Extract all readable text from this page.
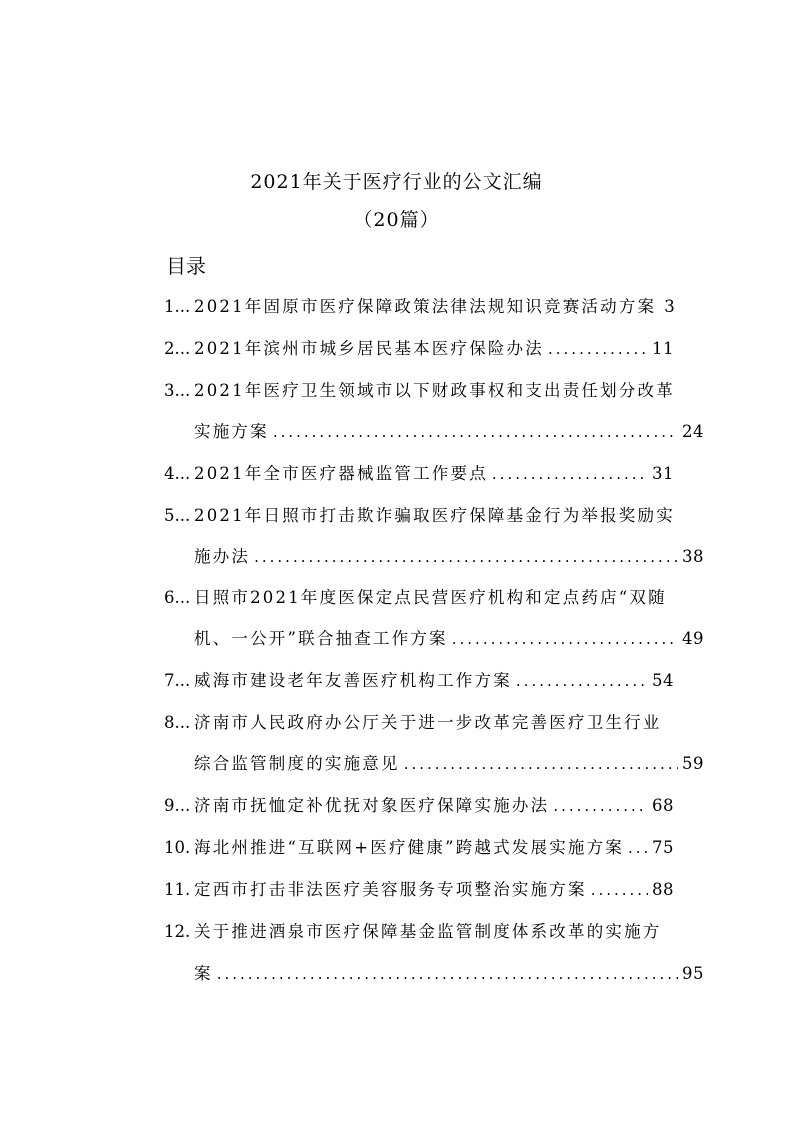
2021年关于医疗行业的公文汇编
（20篇）
目录
1... 2021年固原市医疗保障政策法律法规知识竞赛活动方案 3
2... 2021年滨州市城乡居民基本医疗保险办法 .....	11
3... 2021年医疗卫生领域市以下财政事权和支出责任划分改革
实施方案 .....	24
4... 2021年全市医疗器械监管工作要点 .....	31
5... 2021年日照市打击欺诈骗取医疗保障基金行为举报奖励实
施办法 .....	38
6... 日照市2021年度医保定点民营医疗机构和定点药店“双随
机、一公开”联合抽查工作方案 .....	49
7... 威海市建设老年友善医疗机构工作方案 .....	54
8... 济南市人民政府办公厅关于进一步改革完善医疗卫生行业
综合监管制度的实施意见 .....	59
9... 济南市抚恤定补优抚对象医疗保障实施办法 .....	68
10. 海北州推进“互联网+医疗健康”跨越式发展实施方案 ..... 75
11. 定西市打击非法医疗美容服务专项整治实施方案 .....	88
12. 关于推进酒泉市医疗保障基金监管制度体系改革的实施方
案 .....	95
